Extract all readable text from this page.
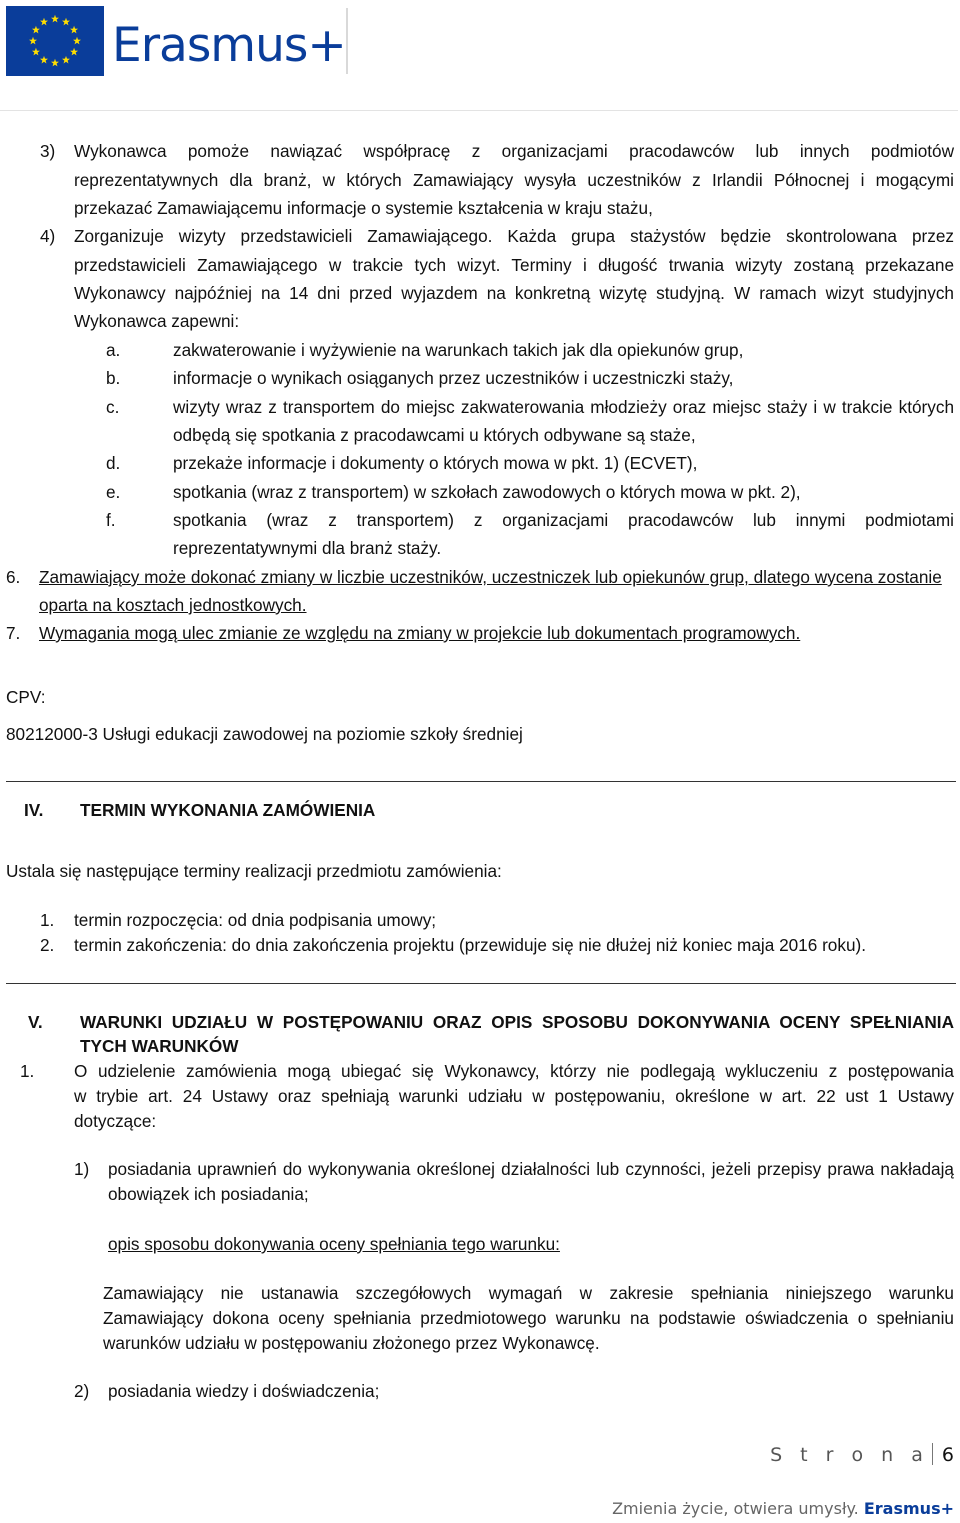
Erasmus+
3) Wykonawca pomoże nawiązać współpracę z organizacjami pracodawców lub innych podmiotów
reprezentatywnych dla branż, w których Zamawiający wysyła uczestników z Irlandii Północnej i mogącymi
przekazać Zamawiającemu informacje o systemie kształcenia w kraju stażu,
4) Zorganizuje wizyty przedstawicieli Zamawiającego. Każda grupa stażystów będzie skontrolowana przez
przedstawicieli Zamawiającego w trakcie tych wizyt. Terminy i długość trwania wizyty zostaną przekazane
Wykonawcy najpóźniej na 14 dni przed wyjazdem na konkretną wizytę studyjną. W ramach wizyt studyjnych
Wykonawca zapewni:
a.	zakwaterowanie i wyżywienie na warunkach takich jak dla opiekunów grup,
b.	informacje o wynikach osiąganych przez uczestników i uczestniczki staży,
c.	wizyty wraz z transportem do miejsc zakwaterowania młodzieży oraz miejsc staży i w trakcie których
odbędą się spotkania z pracodawcami u których odbywane są staże,
d.	przekaże informacje i dokumenty o których mowa w pkt. 1) (ECVET),
e.	spotkania (wraz z transportem) w szkołach zawodowych o których mowa w pkt. 2),
f.	spotkania (wraz z transportem) z organizacjami pracodawców lub innymi podmiotami
reprezentatywnymi dla branż staży.
6. Zamawiający może dokonać zmiany w liczbie uczestników, uczestniczek lub opiekunów grup, dlatego wycena zostanie
oparta na kosztach jednostkowych.
7. Wymagania mogą ulec zmianie ze względu na zmiany w projekcie lub dokumentach programowych.
CPV:
80212000-3 Usługi edukacji zawodowej na poziomie szkoły średniej
IV. TERMIN WYKONANIA ZAMÓWIENIA
Ustala się następujące terminy realizacji przedmiotu zamówienia:
1. termin rozpoczęcia: od dnia podpisania umowy;
2. termin zakończenia: do dnia zakończenia projektu (przewiduje się nie dłużej niż koniec maja 2016 roku).
V. WARUNKI UDZIAŁU W POSTĘPOWANIU ORAZ OPIS SPOSOBU DOKONYWANIA OCENY SPEŁNIANIA
TYCH WARUNKÓW
1. O udzielenie zamówienia mogą ubiegać się Wykonawcy, którzy nie podlegają wykluczeniu z postępowania
w trybie art. 24 Ustawy oraz spełniają warunki udziału w postępowaniu, określone w art. 22 ust 1 Ustawy
dotyczące:
1) posiadania uprawnień do wykonywania określonej działalności lub czynności, jeżeli przepisy prawa nakładają
obowiązek ich posiadania;
opis sposobu dokonywania oceny spełniania tego warunku:
Zamawiający nie ustanawia szczegółowych wymagań w zakresie spełniania niniejszego warunku
Zamawiający dokona oceny spełniania przedmiotowego warunku na podstawie oświadczenia o spełnianiu
warunków udziału w postępowaniu złożonego przez Wykonawcę.
2) posiadania wiedzy i doświadczenia;
S t r o n a 6
Zmienia życie, otwiera umysły. Erasmus+
